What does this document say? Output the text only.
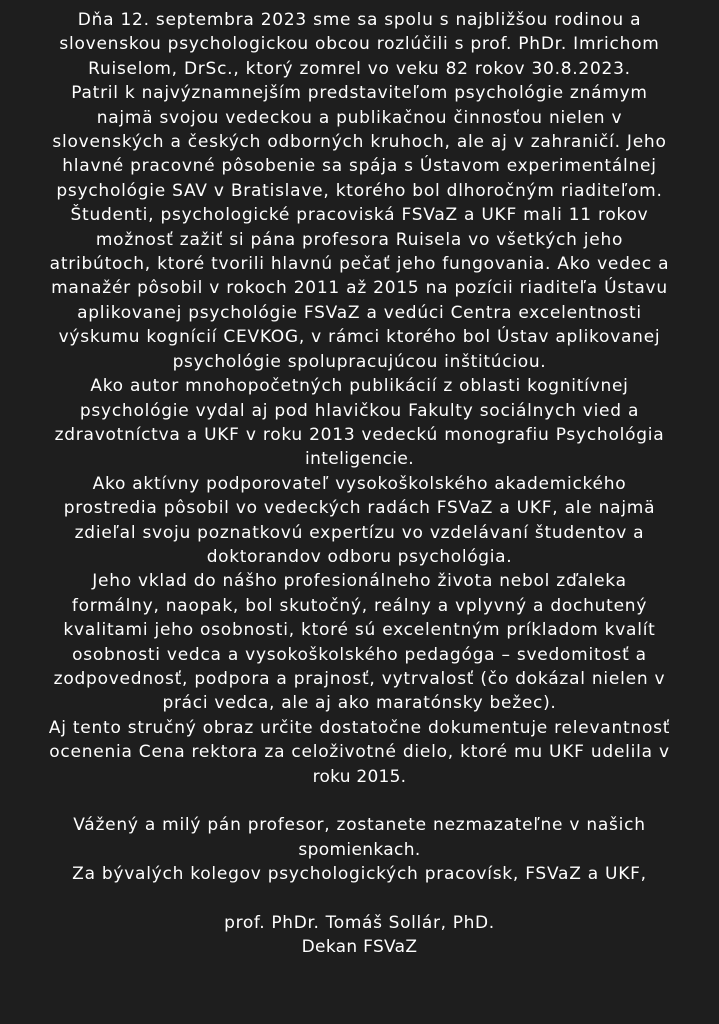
Dňa 12. septembra 2023 sme sa spolu s najbližšou rodinou a
slovenskou psychologickou obcou rozlúčili s prof. PhDr. Imrichom
Ruiselom, DrSc., ktorý zomrel vo veku 82 rokov 30.8.2023.
Patril k najvýznamnejším predstaviteľom psychológie známym
najmä svojou vedeckou a publikačnou činnosťou nielen v
slovenských a českých odborných kruhoch, ale aj v zahraničí. Jeho
hlavné pracovné pôsobenie sa spája s Ústavom experimentálnej
psychológie SAV v Bratislave, ktorého bol dlhoročným riaditeľom.
Študenti, psychologické pracoviská FSVaZ a UKF mali 11 rokov
možnosť zažiť si pána profesora Ruisela vo všetkých jeho
atribútoch, ktoré tvorili hlavnú pečať jeho fungovania. Ako vedec a
manažér pôsobil v rokoch 2011 až 2015 na pozícii riaditeľa Ústavu
aplikovanej psychológie FSVaZ a vedúci Centra excelentnosti
výskumu kognícií CEVKOG, v rámci ktorého bol Ústav aplikovanej
psychológie spolupracujúcou inštitúciou.
Ako autor mnohopočetných publikácií z oblasti kognitívnej
psychológie vydal aj pod hlavičkou Fakulty sociálnych vied a
zdravotníctva a UKF v roku 2013 vedeckú monografiu Psychológia
inteligencie.
Ako aktívny podporovateľ vysokoškolského akademického
prostredia pôsobil vo vedeckých radách FSVaZ a UKF, ale najmä
zdieľal svoju poznatkovú expertízu vo vzdelávaní študentov a
doktorandov odboru psychológia.
Jeho vklad do nášho profesionálneho života nebol zďaleka
formálny, naopak, bol skutočný, reálny a vplyvný a dochutený
kvalitami jeho osobnosti, ktoré sú excelentným príkladom kvalít
osobnosti vedca a vysokoškolského pedagóga – svedomitosť a
zodpovednosť, podpora a prajnosť, vytrvalosť (čo dokázal nielen v
práci vedca, ale aj ako maratónsky bežec).
Aj tento stručný obraz určite dostatočne dokumentuje relevantnosť
ocenenia Cena rektora za celoživotné dielo, ktoré mu UKF udelila v
roku 2015.
Vážený a milý pán profesor, zostanete nezmazateľne v našich
spomienkach.
Za bývalých kolegov psychologických pracovísk, FSVaZ a UKF,
prof. PhDr. Tomáš Sollár, PhD.
Dekan FSVaZ
